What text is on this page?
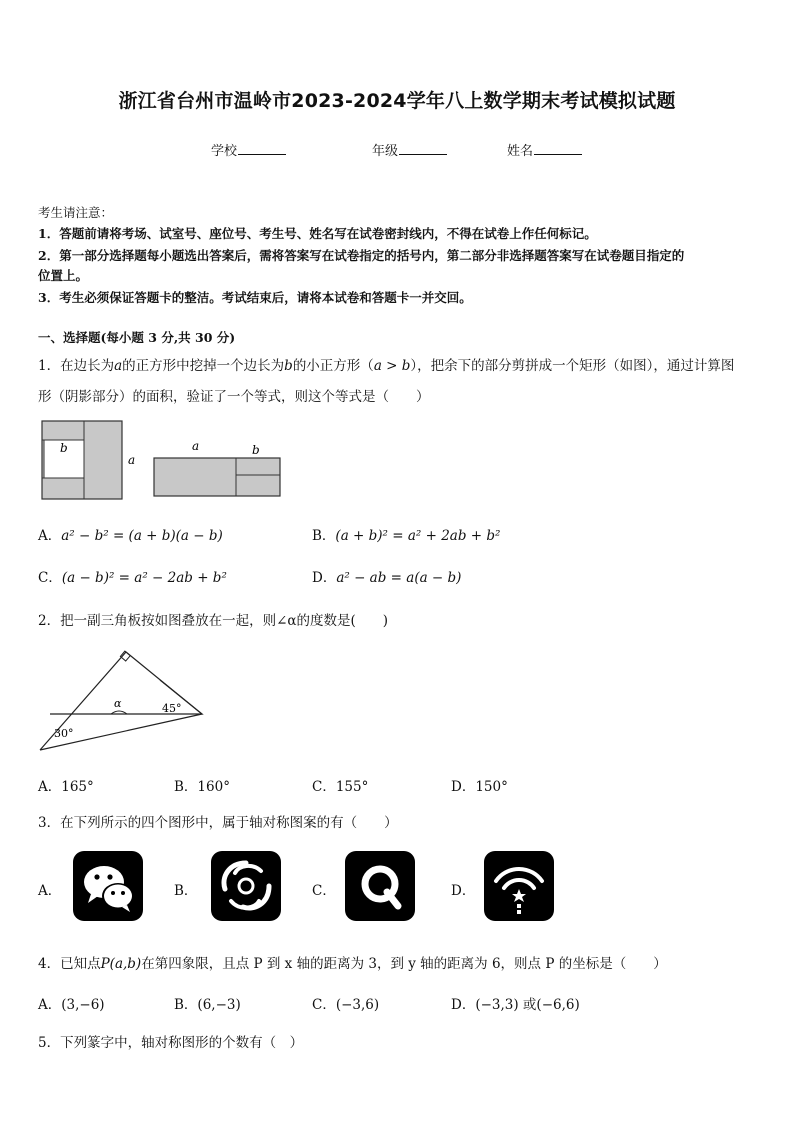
浙江省台州市温岭市2023-2024学年八上数学期末考试模拟试题
学校	年级	姓名
考生请注意：
1．答题前请将考场、试室号、座位号、考生号、姓名写在试卷密封线内，不得在试卷上作任何标记。
2．第一部分选择题每小题选出答案后，需将答案写在试卷指定的括号内，第二部分非选择题答案写在试卷题目指定的
位置上。
3．考生必须保证答题卡的整洁。考试结束后，请将本试卷和答题卡一并交回。
一、选择题(每小题 3 分,共 30 分)
1．在边长为a的正方形中挖掉一个边长为b的小正方形（a > b），把余下的部分剪拼成一个矩形（如图），通过计算图
形（阴影部分）的面积，验证了一个等式，则这个等式是（　　）
b
a
a	b
A．a² − b² = (a + b)(a − b)	B．(a + b)² = a² + 2ab + b²
C．(a − b)² = a² − 2ab + b²	D．a² − ab = a(a − b)
2．把一副三角板按如图叠放在一起，则∠α的度数是(　　)
α	45°
30°
A．165°	B．160°	C．155°	D．150°
3．在下列所示的四个图形中，属于轴对称图案的有（　　）
A．	B．	C．	D．
4．已知点P(a,b)在第四象限，且点 P 到 x 轴的距离为 3，到 y 轴的距离为 6，则点 P 的坐标是（　　）
A．(3,−6)	B．(6,−3)	C．(−3,6)	D．(−3,3) 或(−6,6)
5．下列篆字中，轴对称图形的个数有（　）
